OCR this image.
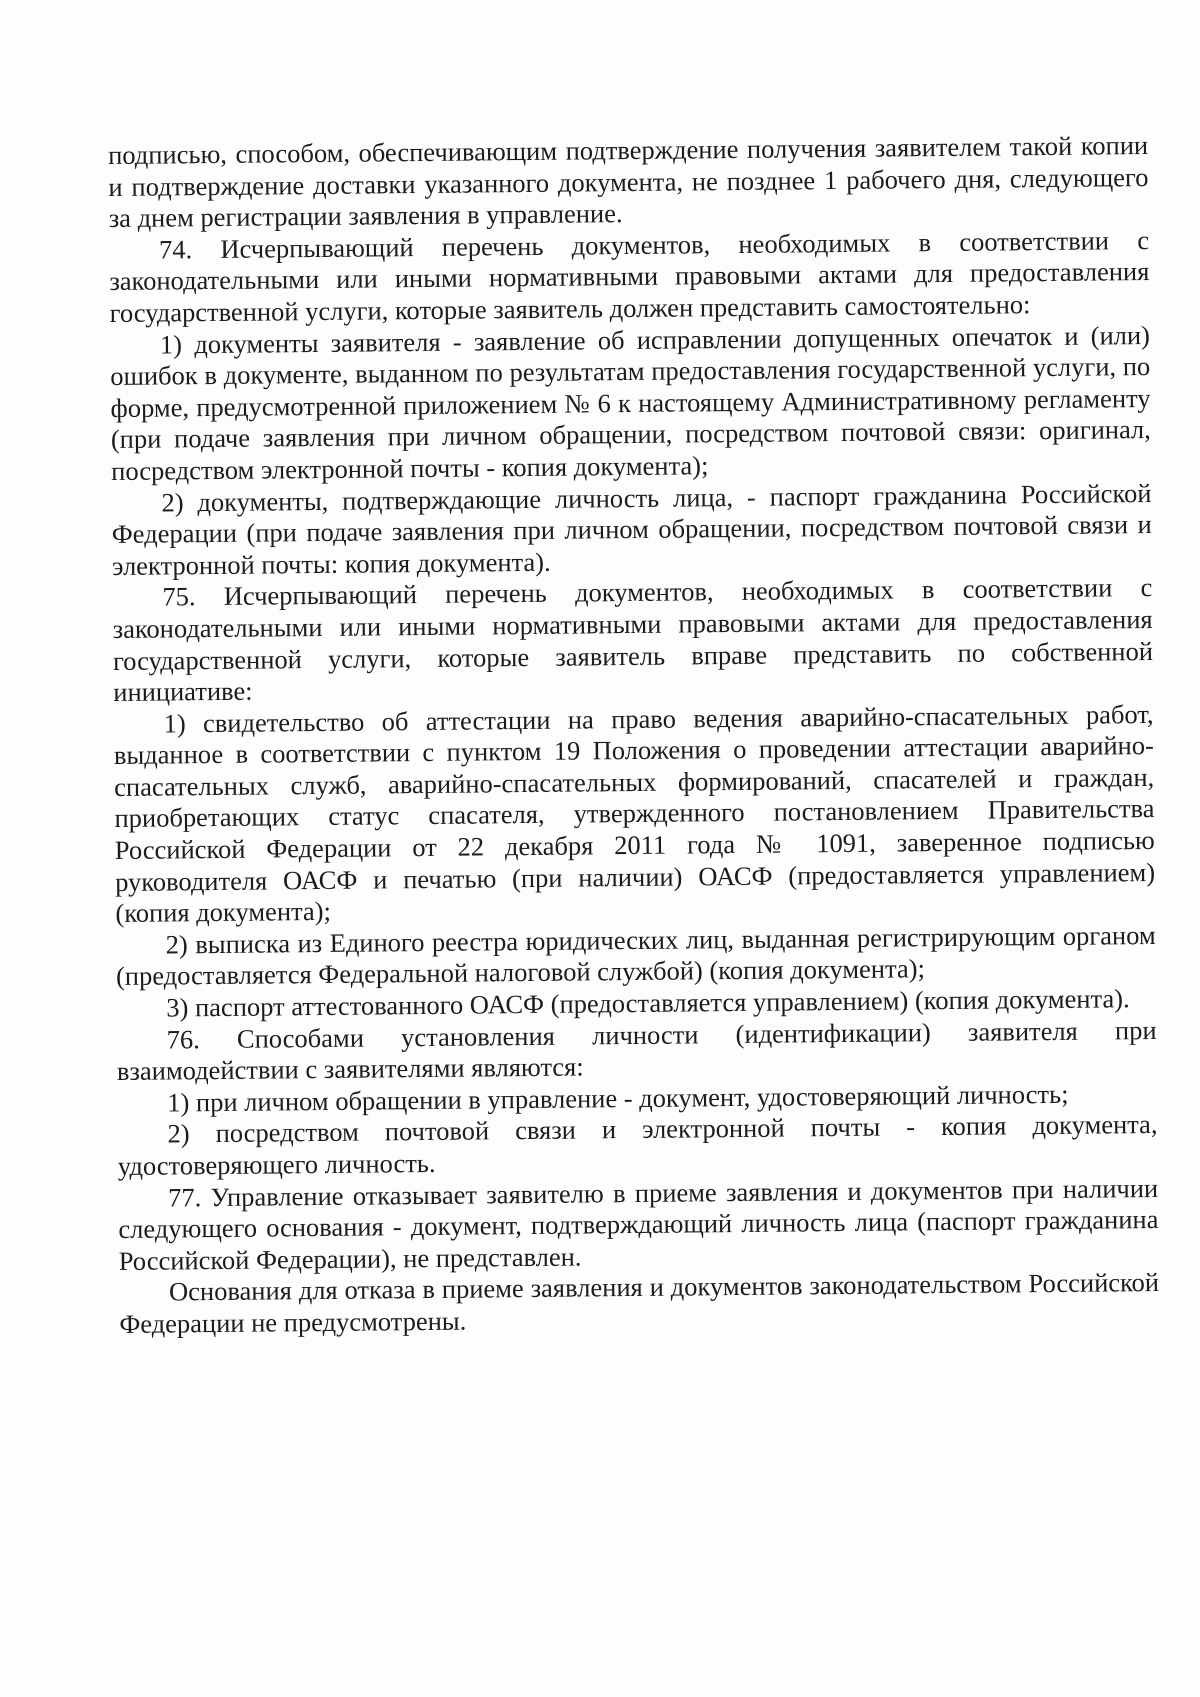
подписью, способом, обеспечивающим подтверждение получения заявителем такой копии и подтверждение доставки указанного документа, не позднее 1 рабочего дня, следующего за днем регистрации заявления в управление.

74. Исчерпывающий перечень документов, необходимых в соответствии с законодательными или иными нормативными правовыми актами для предоставления государственной услуги, которые заявитель должен представить самостоятельно:

1) документы заявителя - заявление об исправлении допущенных опечаток и (или) ошибок в документе, выданном по результатам предоставления государственной услуги, по форме, предусмотренной приложением № 6 к настоящему Административному регламенту (при подаче заявления при личном обращении, посредством почтовой связи: оригинал, посредством электронной почты - копия документа);

2) документы, подтверждающие личность лица, - паспорт гражданина Российской Федерации (при подаче заявления при личном обращении, посредством почтовой связи и электронной почты: копия документа).

75. Исчерпывающий перечень документов, необходимых в соответствии с законодательными или иными нормативными правовыми актами для предоставления государственной услуги, которые заявитель вправе представить по собственной инициативе:

1) свидетельство об аттестации на право ведения аварийно-спасательных работ, выданное в соответствии с пунктом 19 Положения о проведении аттестации аварийно-спасательных служб, аварийно-спасательных формирований, спасателей и граждан, приобретающих статус спасателя, утвержденного постановлением Правительства Российской Федерации от 22 декабря 2011 года № 1091, заверенное подписью руководителя ОАСФ и печатью (при наличии) ОАСФ (предоставляется управлением) (копия документа);

2) выписка из Единого реестра юридических лиц, выданная регистрирующим органом (предоставляется Федеральной налоговой службой) (копия документа);

3) паспорт аттестованного ОАСФ (предоставляется управлением) (копия документа).

76. Способами установления личности (идентификации) заявителя при взаимодействии с заявителями являются:

1) при личном обращении в управление - документ, удостоверяющий личность;

2) посредством почтовой связи и электронной почты - копия документа, удостоверяющего личность.

77. Управление отказывает заявителю в приеме заявления и документов при наличии следующего основания - документ, подтверждающий личность лица (паспорт гражданина Российской Федерации), не представлен.

Основания для отказа в приеме заявления и документов законодательством Российской Федерации не предусмотрены.
